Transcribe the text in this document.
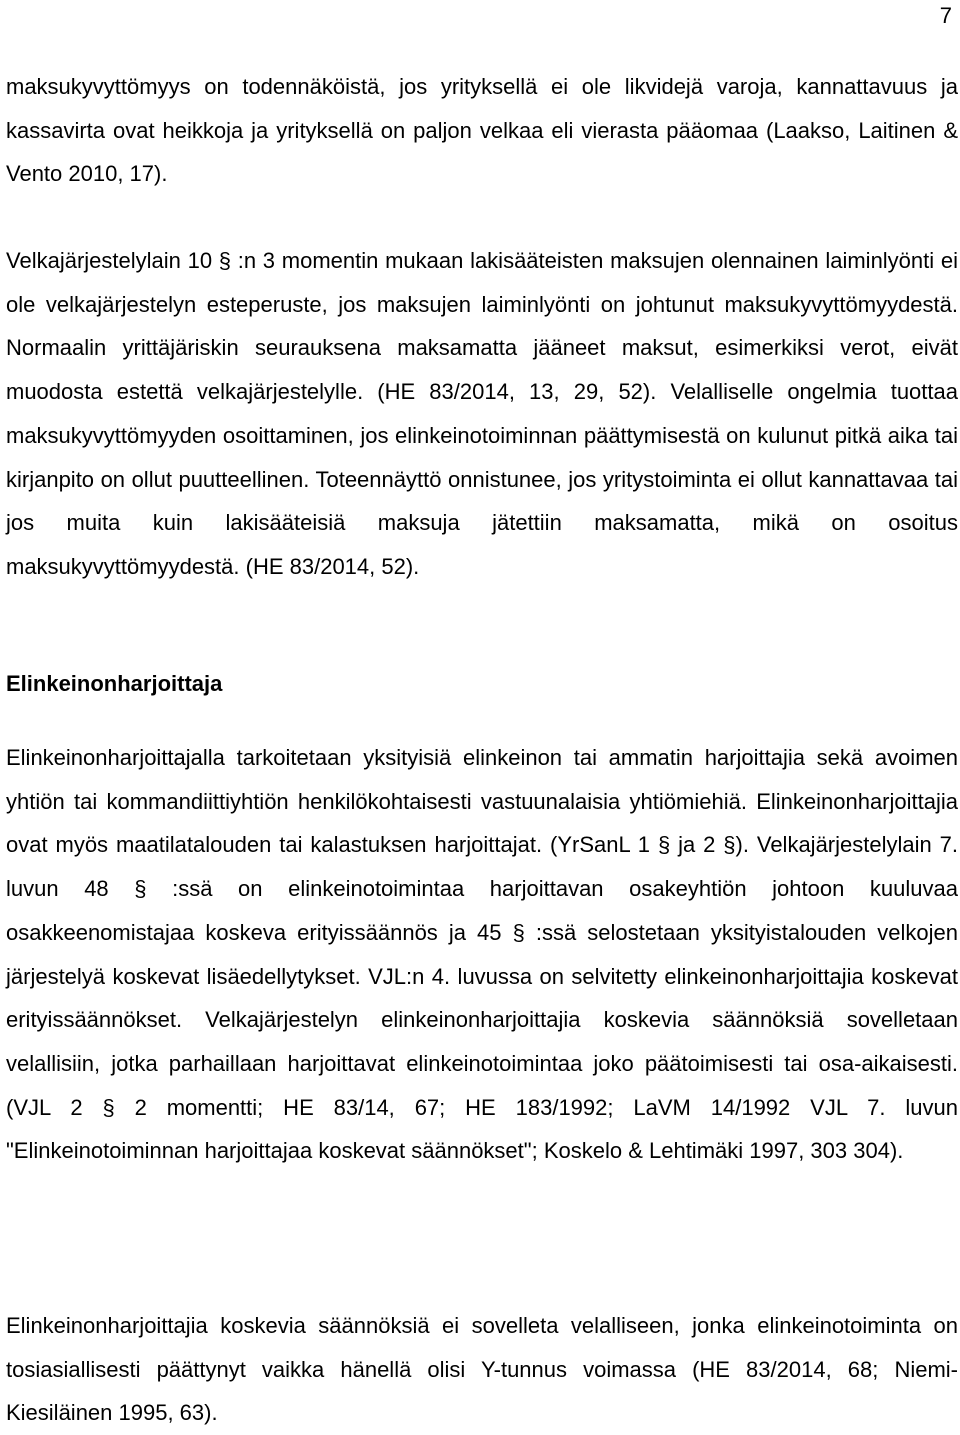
7

maksukyvyttömyys on todennäköistä, jos yrityksellä ei ole likvidejä varoja, kannattavuus ja kassavirta ovat heikkoja ja yrityksellä on paljon velkaa eli vierasta pääomaa (Laakso, Laitinen & Vento 2010, 17).

Velkajärjestelylain 10 § :n 3 momentin mukaan lakisääteisten maksujen olennainen laiminlyönti ei ole velkajärjestelyn esteperuste, jos maksujen laiminlyönti on johtunut maksukyvyttömyydestä. Normaalin yrittäjäriskin seurauksena maksamatta jääneet maksut, esimerkiksi verot, eivät muodosta estettä velkajärjestelylle. (HE 83/2014, 13, 29, 52). Velalliselle ongelmia tuottaa maksukyvyttömyyden osoittaminen, jos elinkeinotoiminnan päättymisestä on kulunut pitkä aika tai kirjanpito on ollut puutteellinen. Toteennäyttö onnistunee, jos yritystoiminta ei ollut kannattavaa tai jos muita kuin lakisääteisiä maksuja jätettiin maksamatta, mikä on osoitus maksukyvyttömyydestä. (HE 83/2014, 52).

Elinkeinonharjoittaja

Elinkeinonharjoittajalla tarkoitetaan yksityisiä elinkeinon tai ammatin harjoittajia sekä avoimen yhtiön tai kommandiittiyhtiön henkilökohtaisesti vastuunalaisia yhtiömiehiä. Elinkeinonharjoittajia ovat myös maatilatalouden tai kalastuksen harjoittajat. (YrSanL 1 § ja 2 §). Velkajärjestelylain 7. luvun 48 § :ssä on elinkeinotoimintaa harjoittavan osakeyhtiön johtoon kuuluvaa osakkeenomistajaa koskeva erityissäännös ja 45 § :ssä selostetaan yksityistalouden velkojen järjestelyä koskevat lisäedellytykset. VJL:n 4. luvussa on selvitetty elinkeinonharjoittajia koskevat erityissäännökset. Velkajärjestelyn elinkeinonharjoittajia koskevia säännöksiä sovelletaan velallisiin, jotka parhaillaan harjoittavat elinkeinotoimintaa joko päätoimisesti tai osa-aikaisesti. (VJL 2 § 2 momentti; HE 83/14, 67; HE 183/1992; LaVM 14/1992 VJL 7. luvun "Elinkeinotoiminnan harjoittajaa koskevat säännökset"; Koskelo & Lehtimäki 1997, 303 304).

Elinkeinonharjoittajia koskevia säännöksiä ei sovelleta velalliseen, jonka elinkeinotoiminta on tosiasiallisesti päättynyt vaikka hänellä olisi Y-tunnus voimassa (HE 83/2014, 68; Niemi-Kiesiläinen 1995, 63).
